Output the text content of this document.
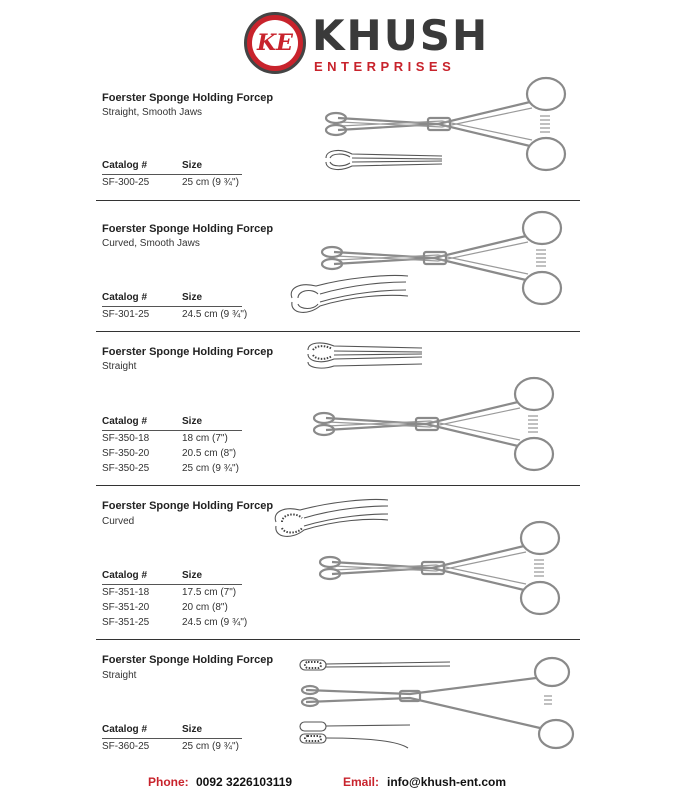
KE KHUSH
ENTERPRISES
Foerster Sponge Holding Forcep
Straight, Smooth Jaws
Catalog #	Size
SF-300-25	25 cm (9 ¾")
Foerster Sponge Holding Forcep
Curved, Smooth Jaws
Catalog #	Size
SF-301-25	24.5 cm (9 ¾")
Foerster Sponge Holding Forcep
Straight
Catalog #	Size
SF-350-18	18 cm (7")
SF-350-20	20.5 cm (8")
SF-350-25	25 cm (9 ¾")
Foerster Sponge Holding Forcep
Curved
Catalog #	Size
SF-351-18	17.5 cm (7")
SF-351-20	20 cm (8")
SF-351-25	24.5 cm (9 ¾")
Foerster Sponge Holding Forcep
Straight
Catalog #	Size
SF-360-25	25 cm (9 ¾")
Phone: 0092 3226103119	Email: info@khush-ent.com
